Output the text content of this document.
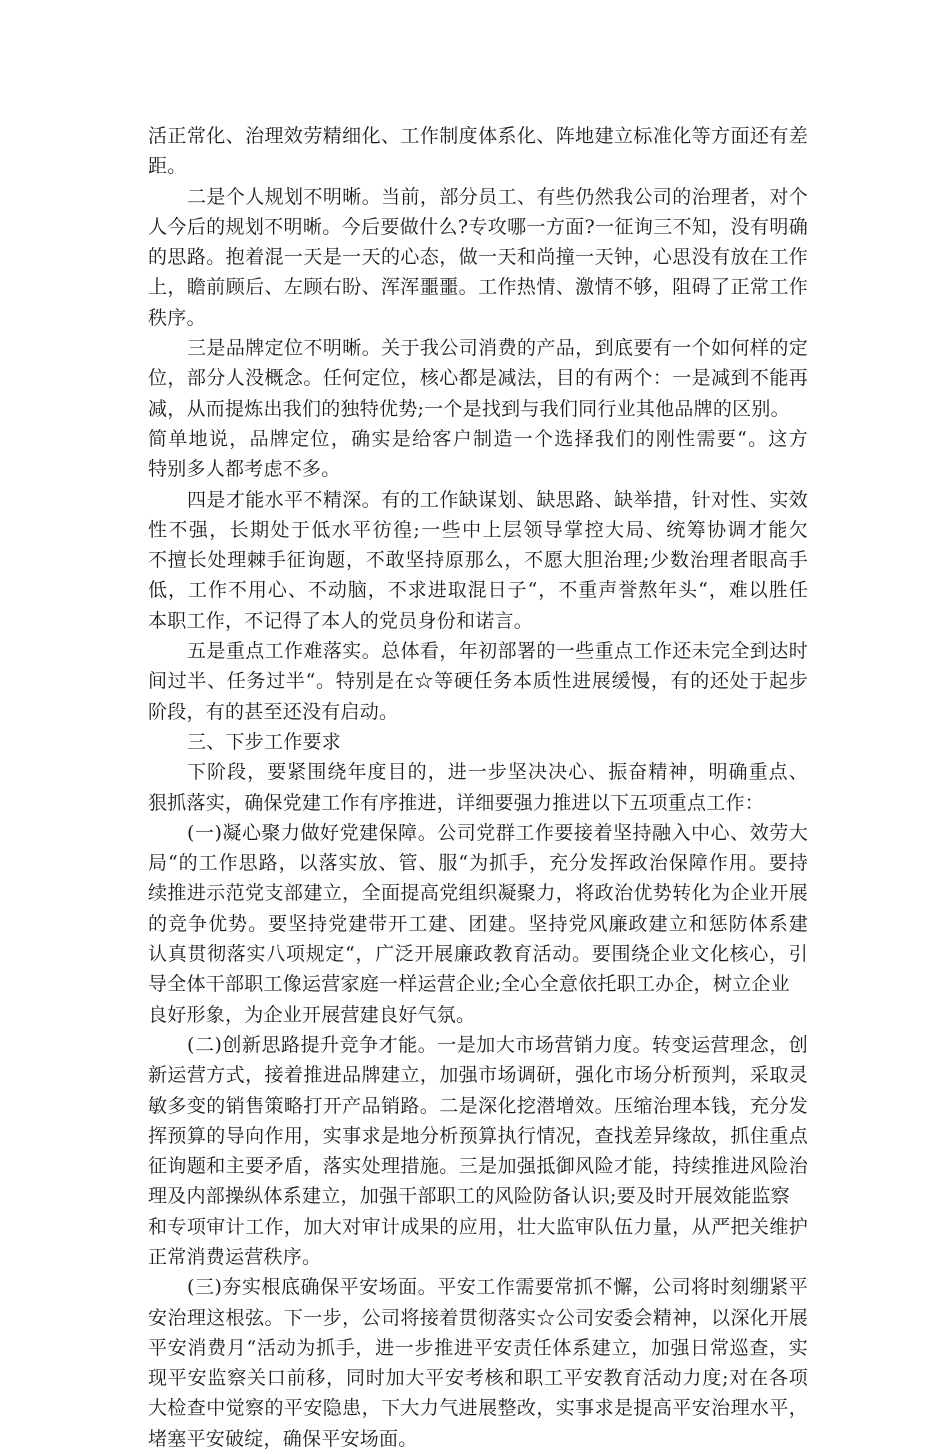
活正常化、治理效劳精细化、工作制度体系化、阵地建立标准化等方面还有差
距。
二是个人规划不明晰。当前，部分员工、有些仍然我公司的治理者，对个
人今后的规划不明晰。今后要做什么?专攻哪一方面?一征询三不知，没有明确
的思路。抱着混一天是一天的心态，做一天和尚撞一天钟，心思没有放在工作
上，瞻前顾后、左顾右盼、浑浑噩噩。工作热情、激情不够，阻碍了正常工作
秩序。
三是品牌定位不明晰。关于我公司消费的产品，到底要有一个如何样的定
位，部分人没概念。任何定位，核心都是减法，目的有两个：一是减到不能再
减，从而提炼出我们的独特优势;一个是找到与我们同行业其他品牌的区别。
简单地说，品牌定位，确实是给客户制造一个选择我们的刚性需要“。这方
特别多人都考虑不多。
四是才能水平不精深。有的工作缺谋划、缺思路、缺举措，针对性、实效
性不强，长期处于低水平彷徨;一些中上层领导掌控大局、统筹协调才能欠
不擅长处理棘手征询题，不敢坚持原那么，不愿大胆治理;少数治理者眼高手
低，工作不用心、不动脑，不求进取混日子“，不重声誉熬年头“，难以胜任
本职工作，不记得了本人的党员身份和诺言。
五是重点工作难落实。总体看，年初部署的一些重点工作还未完全到达时
间过半、任务过半“。特别是在☆等硬任务本质性进展缓慢，有的还处于起步
阶段，有的甚至还没有启动。
三、下步工作要求
下阶段，要紧围绕年度目的，进一步坚决决心、振奋精神，明确重点、
狠抓落实，确保党建工作有序推进，详细要强力推进以下五项重点工作：
(一)凝心聚力做好党建保障。公司党群工作要接着坚持融入中心、效劳大
局“的工作思路，以落实放、管、服“为抓手，充分发挥政治保障作用。要持
续推进示范党支部建立，全面提高党组织凝聚力，将政治优势转化为企业开展
的竞争优势。要坚持党建带开工建、团建。坚持党风廉政建立和惩防体系建
认真贯彻落实八项规定“，广泛开展廉政教育活动。要围绕企业文化核心，引
导全体干部职工像运营家庭一样运营企业;全心全意依托职工办企，树立企业
良好形象，为企业开展营建良好气氛。
(二)创新思路提升竞争才能。一是加大市场营销力度。转变运营理念，创
新运营方式，接着推进品牌建立，加强市场调研，强化市场分析预判，采取灵
敏多变的销售策略打开产品销路。二是深化挖潜增效。压缩治理本钱，充分发
挥预算的导向作用，实事求是地分析预算执行情况，查找差异缘故，抓住重点
征询题和主要矛盾，落实处理措施。三是加强抵御风险才能，持续推进风险治
理及内部操纵体系建立，加强干部职工的风险防备认识;要及时开展效能监察
和专项审计工作，加大对审计成果的应用，壮大监审队伍力量，从严把关维护
正常消费运营秩序。
(三)夯实根底确保平安场面。平安工作需要常抓不懈，公司将时刻绷紧平
安治理这根弦。下一步，公司将接着贯彻落实☆公司安委会精神，以深化开展
平安消费月“活动为抓手，进一步推进平安责任体系建立，加强日常巡查，实
现平安监察关口前移，同时加大平安考核和职工平安教育活动力度;对在各项
大检查中觉察的平安隐患，下大力气进展整改，实事求是提高平安治理水平，
堵塞平安破绽，确保平安场面。
